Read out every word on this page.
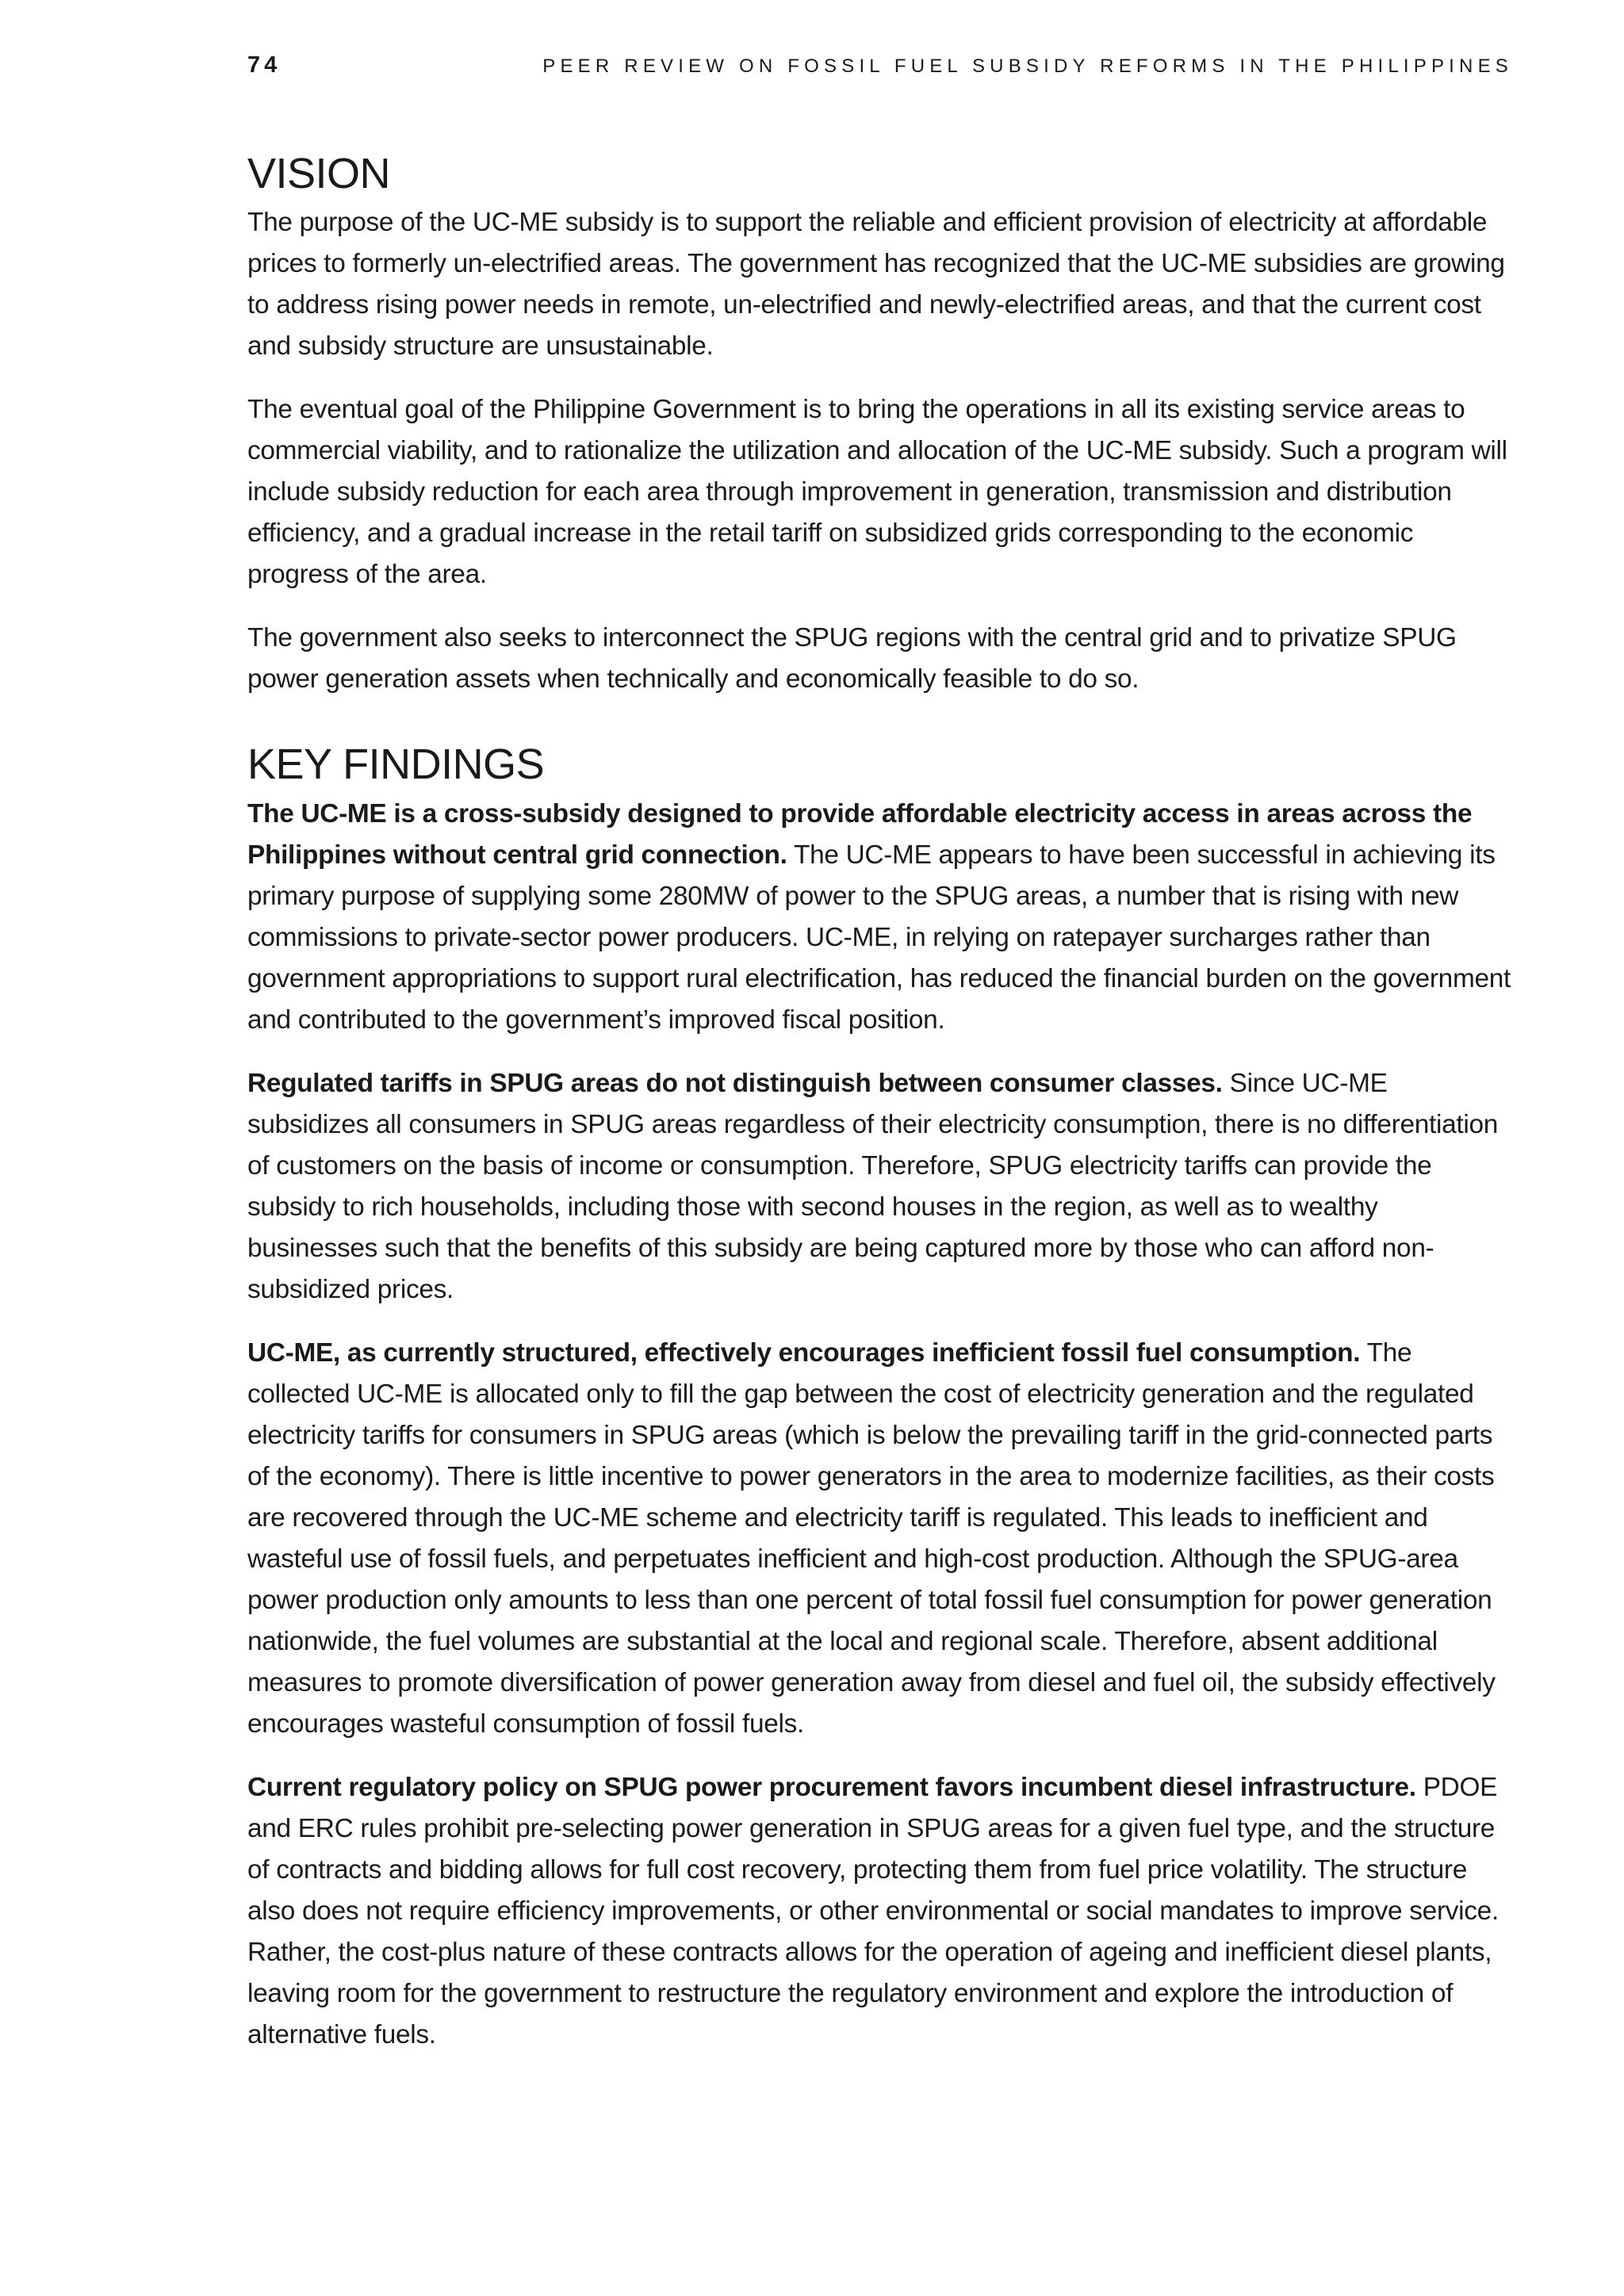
74	PEER REVIEW ON FOSSIL FUEL SUBSIDY REFORMS IN THE PHILIPPINES
VISION

The purpose of the UC-ME subsidy is to support the reliable and efficient provision of electricity at affordable prices to formerly un-electrified areas. The government has recognized that the UC-ME subsidies are growing to address rising power needs in remote, un-electrified and newly-electrified areas, and that the current cost and subsidy structure are unsustainable.

The eventual goal of the Philippine Government is to bring the operations in all its existing service areas to commercial viability, and to rationalize the utilization and allocation of the UC-ME subsidy. Such a program will include subsidy reduction for each area through improvement in generation, transmission and distribution efficiency, and a gradual increase in the retail tariff on subsidized grids corresponding to the economic progress of the area.

The government also seeks to interconnect the SPUG regions with the central grid and to privatize SPUG power generation assets when technically and economically feasible to do so.

KEY FINDINGS

The UC-ME is a cross-subsidy designed to provide affordable electricity access in areas across the Philippines without central grid connection. The UC-ME appears to have been successful in achieving its primary purpose of supplying some 280MW of power to the SPUG areas, a number that is rising with new commissions to private-sector power producers. UC-ME, in relying on ratepayer surcharges rather than government appropriations to support rural electrification, has reduced the financial burden on the government and contributed to the government’s improved fiscal position.

Regulated tariffs in SPUG areas do not distinguish between consumer classes. Since UC-ME subsidizes all consumers in SPUG areas regardless of their electricity consumption, there is no differentiation of customers on the basis of income or consumption. Therefore, SPUG electricity tariffs can provide the subsidy to rich households, including those with second houses in the region, as well as to wealthy businesses such that the benefits of this subsidy are being captured more by those who can afford non-subsidized prices.

UC-ME, as currently structured, effectively encourages inefficient fossil fuel consumption. The collected UC-ME is allocated only to fill the gap between the cost of electricity generation and the regulated electricity tariffs for consumers in SPUG areas (which is below the prevailing tariff in the grid-connected parts of the economy). There is little incentive to power generators in the area to modernize facilities, as their costs are recovered through the UC-ME scheme and electricity tariff is regulated. This leads to inefficient and wasteful use of fossil fuels, and perpetuates inefficient and high-cost production. Although the SPUG-area power production only amounts to less than one percent of total fossil fuel consumption for power generation nationwide, the fuel volumes are substantial at the local and regional scale. Therefore, absent additional measures to promote diversification of power generation away from diesel and fuel oil, the subsidy effectively encourages wasteful consumption of fossil fuels.

Current regulatory policy on SPUG power procurement favors incumbent diesel infrastructure. PDOE and ERC rules prohibit pre-selecting power generation in SPUG areas for a given fuel type, and the structure of contracts and bidding allows for full cost recovery, protecting them from fuel price volatility. The structure also does not require efficiency improvements, or other environmental or social mandates to improve service. Rather, the cost-plus nature of these contracts allows for the operation of ageing and inefficient diesel plants, leaving room for the government to restructure the regulatory environment and explore the introduction of alternative fuels.
